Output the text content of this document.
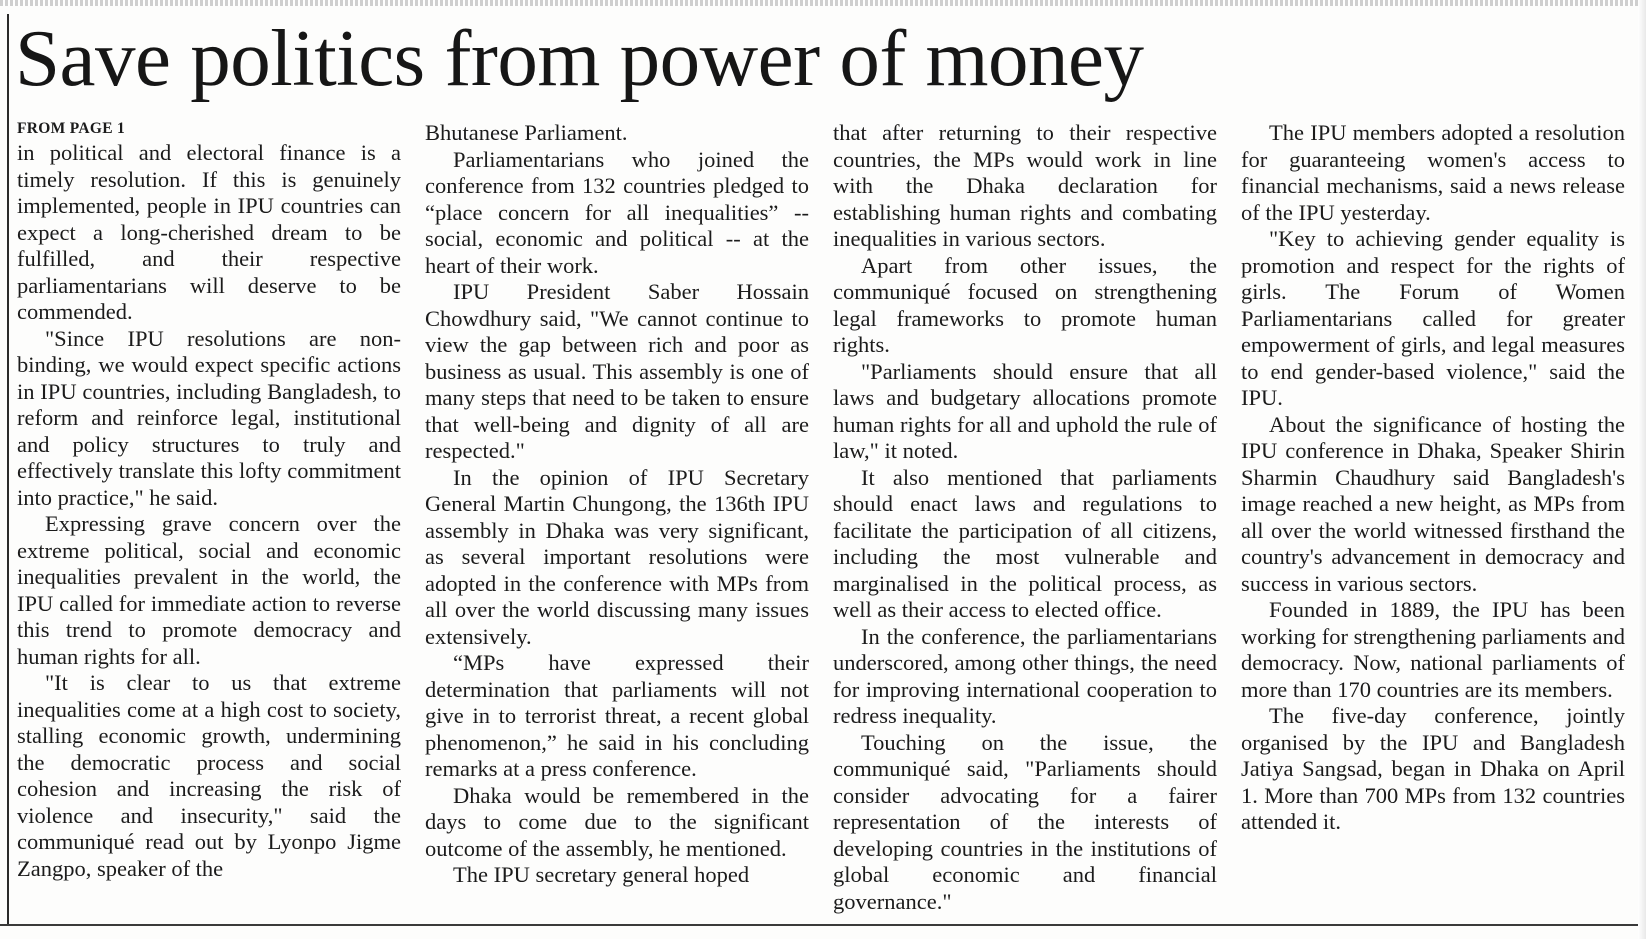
Save politics from power of money
FROM PAGE 1

in political and electoral finance is a timely resolution. If this is genuinely implemented, people in IPU countries can expect a long-cherished dream to be fulfilled, and their respective parliamentarians will deserve to be commended.

"Since IPU resolutions are non-binding, we would expect specific actions in IPU countries, including Bangladesh, to reform and reinforce legal, institutional and policy structures to truly and effectively translate this lofty commitment into practice," he said.

Expressing grave concern over the extreme political, social and economic inequalities prevalent in the world, the IPU called for immediate action to reverse this trend to promote democracy and human rights for all.

"It is clear to us that extreme inequalities come at a high cost to society, stalling economic growth, undermining the democratic process and social cohesion and increasing the risk of violence and insecurity," said the communiqué read out by Lyonpo Jigme Zangpo, speaker of the

Bhutanese Parliament.

Parliamentarians who joined the conference from 132 countries pledged to “place concern for all inequalities” -- social, economic and political -- at the heart of their work.

IPU President Saber Hossain Chowdhury said, "We cannot continue to view the gap between rich and poor as business as usual. This assembly is one of many steps that need to be taken to ensure that well-being and dignity of all are respected."

In the opinion of IPU Secretary General Martin Chungong, the 136th IPU assembly in Dhaka was very significant, as several important resolutions were adopted in the conference with MPs from all over the world discussing many issues extensively.

“MPs have expressed their determination that parliaments will not give in to terrorist threat, a recent global phenomenon,” he said in his concluding remarks at a press conference.

Dhaka would be remembered in the days to come due to the significant outcome of the assembly, he mentioned.

The IPU secretary general hoped

that after returning to their respective countries, the MPs would work in line with the Dhaka declaration for establishing human rights and combating inequalities in various sectors.

Apart from other issues, the communiqué focused on strengthening legal frameworks to promote human rights.

"Parliaments should ensure that all laws and budgetary allocations promote human rights for all and uphold the rule of law," it noted.

It also mentioned that parliaments should enact laws and regulations to facilitate the participation of all citizens, including the most vulnerable and marginalised in the political process, as well as their access to elected office.

In the conference, the parliamentarians underscored, among other things, the need for improving international cooperation to redress inequality.

Touching on the issue, the communiqué said, "Parliaments should consider advocating for a fairer representation of the interests of developing countries in the institutions of global economic and financial governance."

The IPU members adopted a resolution for guaranteeing women's access to financial mechanisms, said a news release of the IPU yesterday.

"Key to achieving gender equality is promotion and respect for the rights of girls. The Forum of Women Parliamentarians called for greater empowerment of girls, and legal measures to end gender-based violence," said the IPU.

About the significance of hosting the IPU conference in Dhaka, Speaker Shirin Sharmin Chaudhury said Bangladesh's image reached a new height, as MPs from all over the world witnessed firsthand the country's advancement in democracy and success in various sectors.

Founded in 1889, the IPU has been working for strengthening parliaments and democracy. Now, national parliaments of more than 170 countries are its members.

The five-day conference, jointly organised by the IPU and Bangladesh Jatiya Sangsad, began in Dhaka on April 1. More than 700 MPs from 132 countries attended it.
